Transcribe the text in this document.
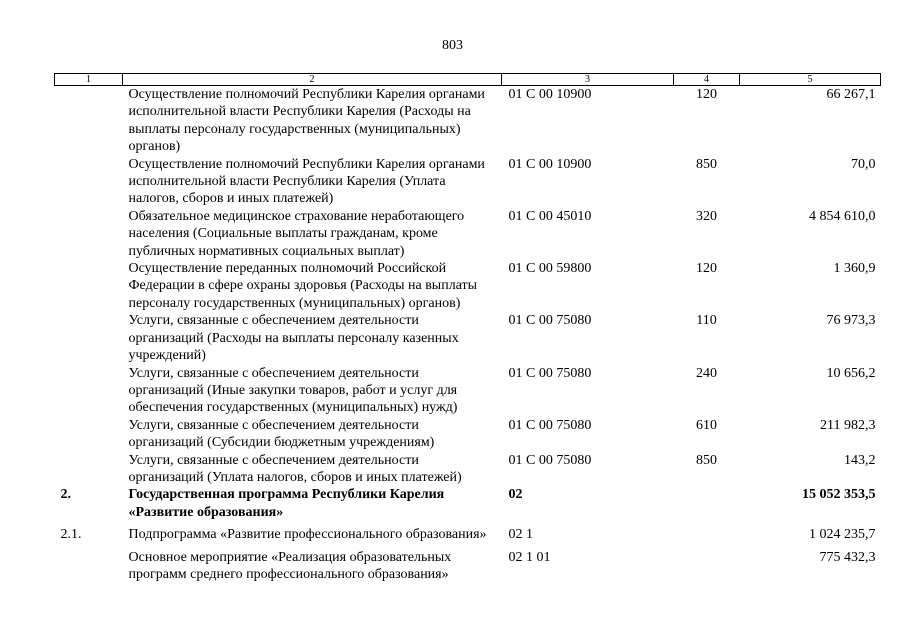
803
1	2	3	4	5
	Осуществление полномочий Республики Карелия органами исполнительной власти Республики Карелия (Расходы на выплаты персоналу государственных (муниципальных) органов)	01 С 00 10900	120	66 267,1
	Осуществление полномочий Республики Карелия органами исполнительной власти Республики Карелия (Уплата налогов, сборов и иных платежей)	01 С 00 10900	850	70,0
	Обязательное медицинское страхование неработающего населения (Социальные выплаты гражданам, кроме публичных нормативных социальных выплат)	01 С 00 45010	320	4 854 610,0
	Осуществление переданных полномочий Российской Федерации в сфере охраны здоровья (Расходы на выплаты персоналу государственных (муниципальных) органов)	01 С 00 59800	120	1 360,9
	Услуги, связанные с обеспечением деятельности организаций (Расходы на выплаты персоналу казенных учреждений)	01 С 00 75080	110	76 973,3
	Услуги, связанные с обеспечением деятельности организаций (Иные закупки товаров, работ и услуг для обеспечения государственных (муниципальных) нужд)	01 С 00 75080	240	10 656,2
	Услуги, связанные с обеспечением деятельности организаций (Субсидии бюджетным учреждениям)	01 С 00 75080	610	211 982,3
	Услуги, связанные с обеспечением деятельности организаций (Уплата налогов, сборов и иных платежей)	01 С 00 75080	850	143,2
2.	Государственная программа Республики Карелия «Развитие образования»	02		15 052 353,5
2.1.	Подпрограмма «Развитие профессионального образования»	02 1		1 024 235,7
	Основное мероприятие «Реализация образовательных программ среднего профессионального образования»	02 1 01		775 432,3
